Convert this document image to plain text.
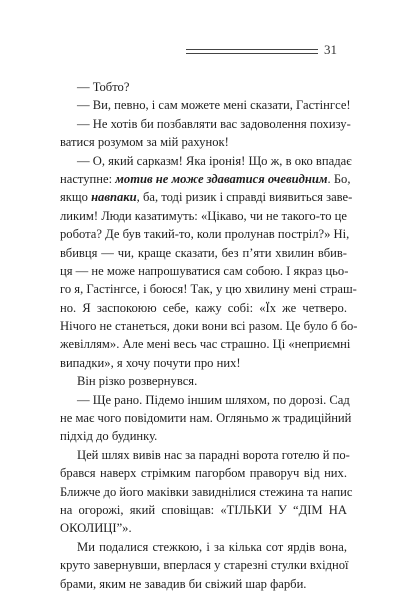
31
— Тобто?
— Ви, певно, і сам можете мені сказати, Гастінгсе!
— Не хотів би позбавляти вас задоволення похизу-
ватися розумом за мій рахунок!
— О, який сарказм! Яка іронія! Що ж, в око впадає
наступне: мотив не може здаватися очевидним. Бо,
якщо навпаки, ба, тоді ризик і справді виявиться заве-
ликим! Люди казатимуть: «Цікаво, чи не такого-то це
робота? Де був такий-то, коли пролунав постріл?» Ні,
вбивця — чи, краще сказати, без п’яти хвилин вбив-
ця — не може напрошуватися сам собою. І якраз цьо-
го я, Гастінгсе, і боюся! Так, у цю хвилину мені страш-
но. Я заспокоюю себе, кажу собі: «Їх же четверо.
Нічого не станеться, доки вони всі разом. Це було б бо-
жевіллям». Але мені весь час страшно. Ці «неприємні
випадки», я хочу почути про них!
Він різко розвернувся.
— Ще рано. Підемо іншим шляхом, по дорозі. Сад
не має чого повідомити нам. Огляньмо ж традиційний
підхід до будинку.
Цей шлях вивів нас за парадні ворота готелю й по-
брався наверх стрімким пагорбом праворуч від них.
Ближче до його маківки завиднілися стежина та напис
на огорожі, який сповіщав: «ТІЛЬКИ У “ДІМ НА
ОКОЛИЦІ”».
Ми подалися стежкою, і за кілька сот ярдів вона,
круто завернувши, вперлася у старезні стулки вхідної
брами, яким не завадив би свіжий шар фарби.
